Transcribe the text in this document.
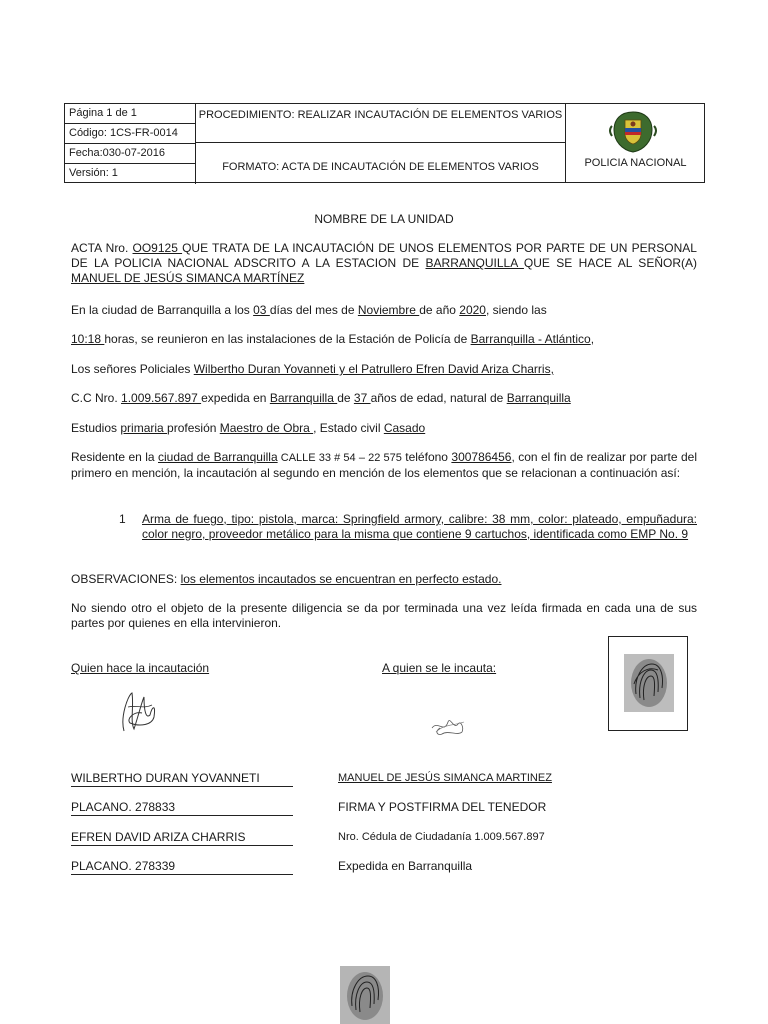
Página 1 de 1
Código: 1CS-FR-0014
Fecha:030-07-2016
Versión: 1
PROCEDIMIENTO: REALIZAR INCAUTACIÓN DE ELEMENTOS VARIOS
FORMATO: ACTA DE INCAUTACIÓN DE ELEMENTOS VARIOS	POLICIA NACIONAL
NOMBRE DE LA UNIDAD
ACTA Nro. OO9125 QUE TRATA DE LA INCAUTACIÓN DE UNOS ELEMENTOS POR PARTE DE UN PERSONAL DE LA POLICIA NACIONAL ADSCRITO A LA ESTACION DE BARRANQUILLA QUE SE HACE AL SEÑOR(A) MANUEL DE JESÚS SIMANCA MARTÍNEZ
En la ciudad de Barranquilla a los 03 días del mes de Noviembre de año 2020, siendo las
10:18 horas, se reunieron en las instalaciones de la Estación de Policía de Barranquilla - Atlántico,
Los señores Policiales Wilbertho Duran Yovanneti y el Patrullero Efren David Ariza Charris,
C.C Nro. 1.009.567.897 expedida en Barranquilla de 37 años de edad, natural de Barranquilla
Estudios primaria profesión Maestro de Obra , Estado civil Casado
Residente en la ciudad de Barranquilla CALLE 33 # 54 – 22 575 teléfono 300786456, con el fin de realizar por parte del primero en mención, la incautación al segundo en mención de los elementos que se relacionan a continuación así:
1 Arma de fuego, tipo: pistola, marca: Springfield armory, calibre: 38 mm, color: plateado, empuñadura: color negro, proveedor metálico para la misma que contiene 9 cartuchos, identificada como EMP No. 9
OBSERVACIONES: los elementos incautados se encuentran en perfecto estado.
No siendo otro el objeto de la presente diligencia se da por terminada una vez leída firmada en cada una de sus partes por quienes en ella intervinieron.
Quien hace la incautación	A quien se le incauta:
WILBERTHO DURAN YOVANNETI
PLACANO. 278833
EFREN DAVID ARIZA CHARRIS
PLACANO. 278339
MANUEL DE JESÚS SIMANCA MARTINEZ
FIRMA Y POSTFIRMA DEL TENEDOR
Nro. Cédula de Ciudadanía 1.009.567.897
Expedida en Barranquilla
